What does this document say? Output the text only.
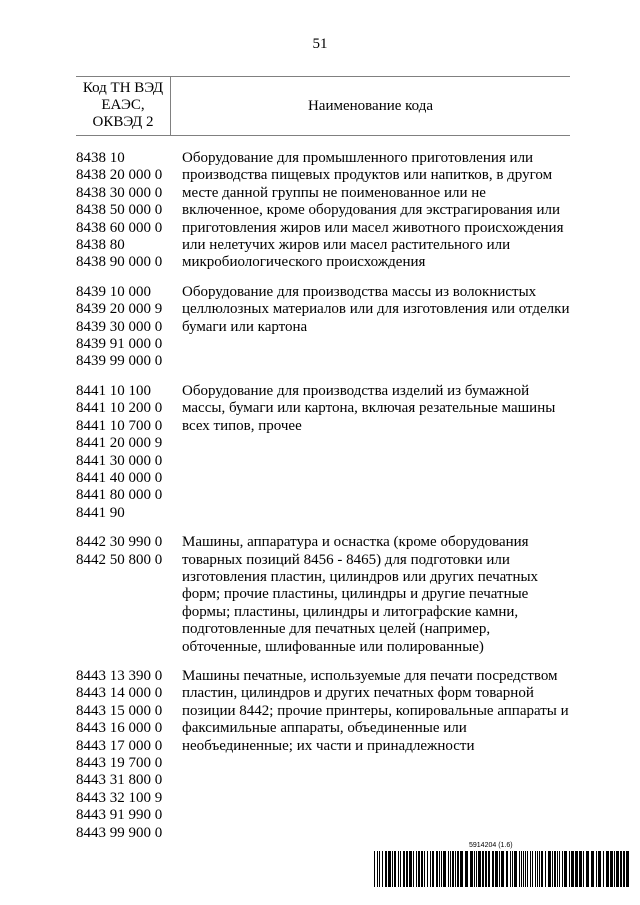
51
Код ТН ВЭД
ЕАЭС,
ОКВЭД 2
Наименование кода
8438 10
8438 20 000 0
8438 30 000 0
8438 50 000 0
8438 60 000 0
8438 80
8438 90 000 0
Оборудование для промышленного приготовления или производства пищевых продуктов или напитков, в другом месте данной группы не поименованное или не включенное, кроме оборудования для экстрагирования или приготовления жиров или масел животного происхождения или нелетучих жиров или масел растительного или микробиологического происхождения
8439 10 000
8439 20 000 9
8439 30 000 0
8439 91 000 0
8439 99 000 0
Оборудование для производства массы из волокнистых целлюлозных материалов или для изготовления или отделки бумаги или картона
8441 10 100
8441 10 200 0
8441 10 700 0
8441 20 000 9
8441 30 000 0
8441 40 000 0
8441 80 000 0
8441 90
Оборудование для производства изделий из бумажной массы, бумаги или картона, включая резательные машины всех типов, прочее
8442 30 990 0
8442 50 800 0
Машины, аппаратура и оснастка (кроме оборудования товарных позиций 8456 - 8465) для подготовки или изготовления пластин, цилиндров или других печатных форм; прочие пластины, цилиндры и другие печатные формы; пластины, цилиндры и литографские камни, подготовленные для печатных целей (например, обточенные, шлифованные или полированные)
8443 13 390 0
8443 14 000 0
8443 15 000 0
8443 16 000 0
8443 17 000 0
8443 19 700 0
8443 31 800 0
8443 32 100 9
8443 91 990 0
8443 99 900 0
Машины печатные, используемые для печати посредством пластин, цилиндров и других печатных форм товарной позиции 8442; прочие принтеры, копировальные аппараты и факсимильные аппараты, объединенные или необъединенные; их части и принадлежности
5914204 (1.6)
